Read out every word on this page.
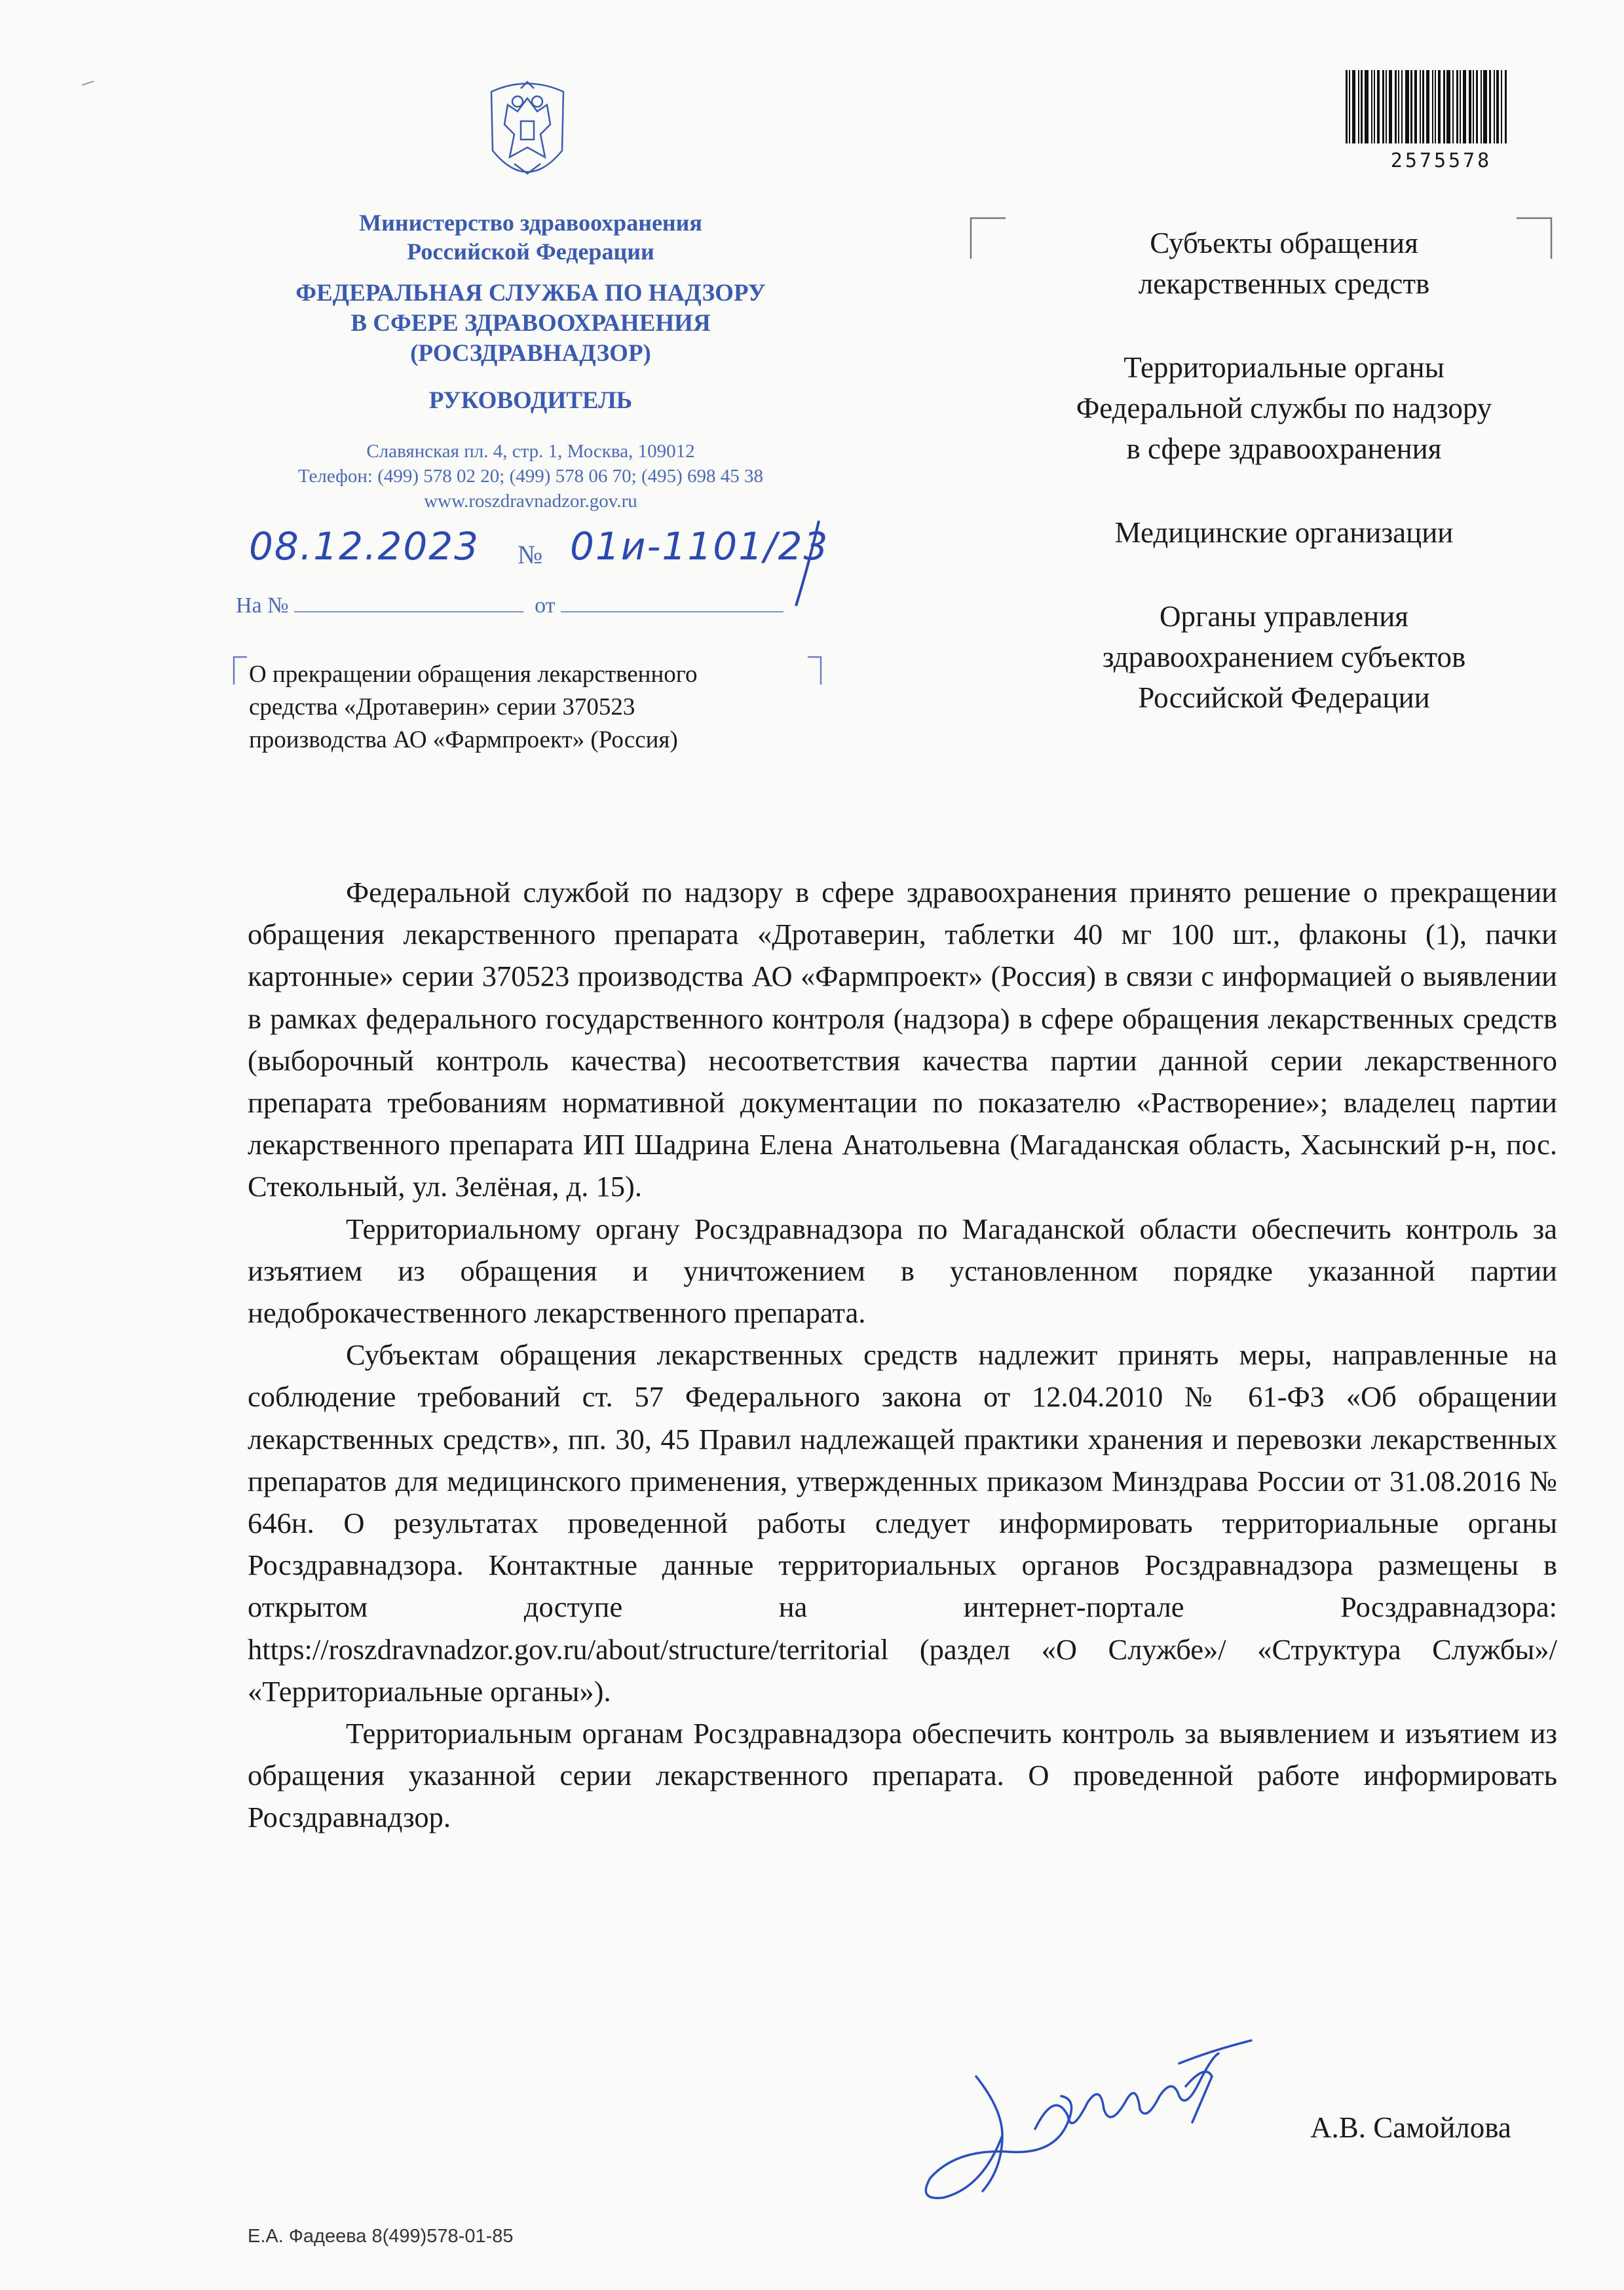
Министерство здравоохранения
Российской Федерации
ФЕДЕРАЛЬНАЯ СЛУЖБА ПО НАДЗОРУ
В СФЕРЕ ЗДРАВООХРАНЕНИЯ
(РОСЗДРАВНАДЗОР)
РУКОВОДИТЕЛЬ
Славянская пл. 4, стр. 1, Москва, 109012
Телефон: (499) 578 02 20; (499) 578 06 70; (495) 698 45 38
www.roszdravnadzor.gov.ru
08.12.2023 № 01и-1101/23
На №	от
О прекращении обращения лекарственного
средства «Дротаверин» серии 370523
производства АО «Фармпроект» (Россия)
2575578

Субъекты обращения
лекарственных средств

Территориальные органы
Федеральной службы по надзору
в сфере здравоохранения

Медицинские организации

Органы управления
здравоохранением субъектов
Российской Федерации

Федеральной службой по надзору в сфере здравоохранения принято решение о прекращении обращения лекарственного препарата «Дротаверин, таблетки 40 мг 100 шт., флаконы (1), пачки картонные» серии 370523 производства АО «Фармпроект» (Россия) в связи с информацией о выявлении в рамках федерального государственного контроля (надзора) в сфере обращения лекарственных средств (выборочный контроль качества) несоответствия качества партии данной серии лекарственного препарата требованиям нормативной документации по показателю «Растворение»; владелец партии лекарственного препарата ИП Шадрина Елена Анатольевна (Магаданская область, Хасынский р-н, пос. Стекольный, ул. Зелёная, д. 15).

Территориальному органу Росздравнадзора по Магаданской области обеспечить контроль за изъятием из обращения и уничтожением в установленном порядке указанной партии недоброкачественного лекарственного препарата.

Субъектам обращения лекарственных средств надлежит принять меры, направленные на соблюдение требований ст. 57 Федерального закона от 12.04.2010 № 61-ФЗ «Об обращении лекарственных средств», пп. 30, 45 Правил надлежащей практики хранения и перевозки лекарственных препаратов для медицинского применения, утвержденных приказом Минздрава России от 31.08.2016 № 646н. О результатах проведенной работы следует информировать территориальные органы Росздравнадзора. Контактные данные территориальных органов Росздравнадзора размещены в открытом доступе на интернет-портале Росздравнадзора: https://roszdravnadzor.gov.ru/about/structure/territorial (раздел «О Службе»/ «Структура Службы»/ «Территориальные органы»).

Территориальным органам Росздравнадзора обеспечить контроль за выявлением и изъятием из обращения указанной серии лекарственного препарата. О проведенной работе информировать Росздравнадзор.

А.В. Самойлова
Е.А. Фадеева 8(499)578-01-85
